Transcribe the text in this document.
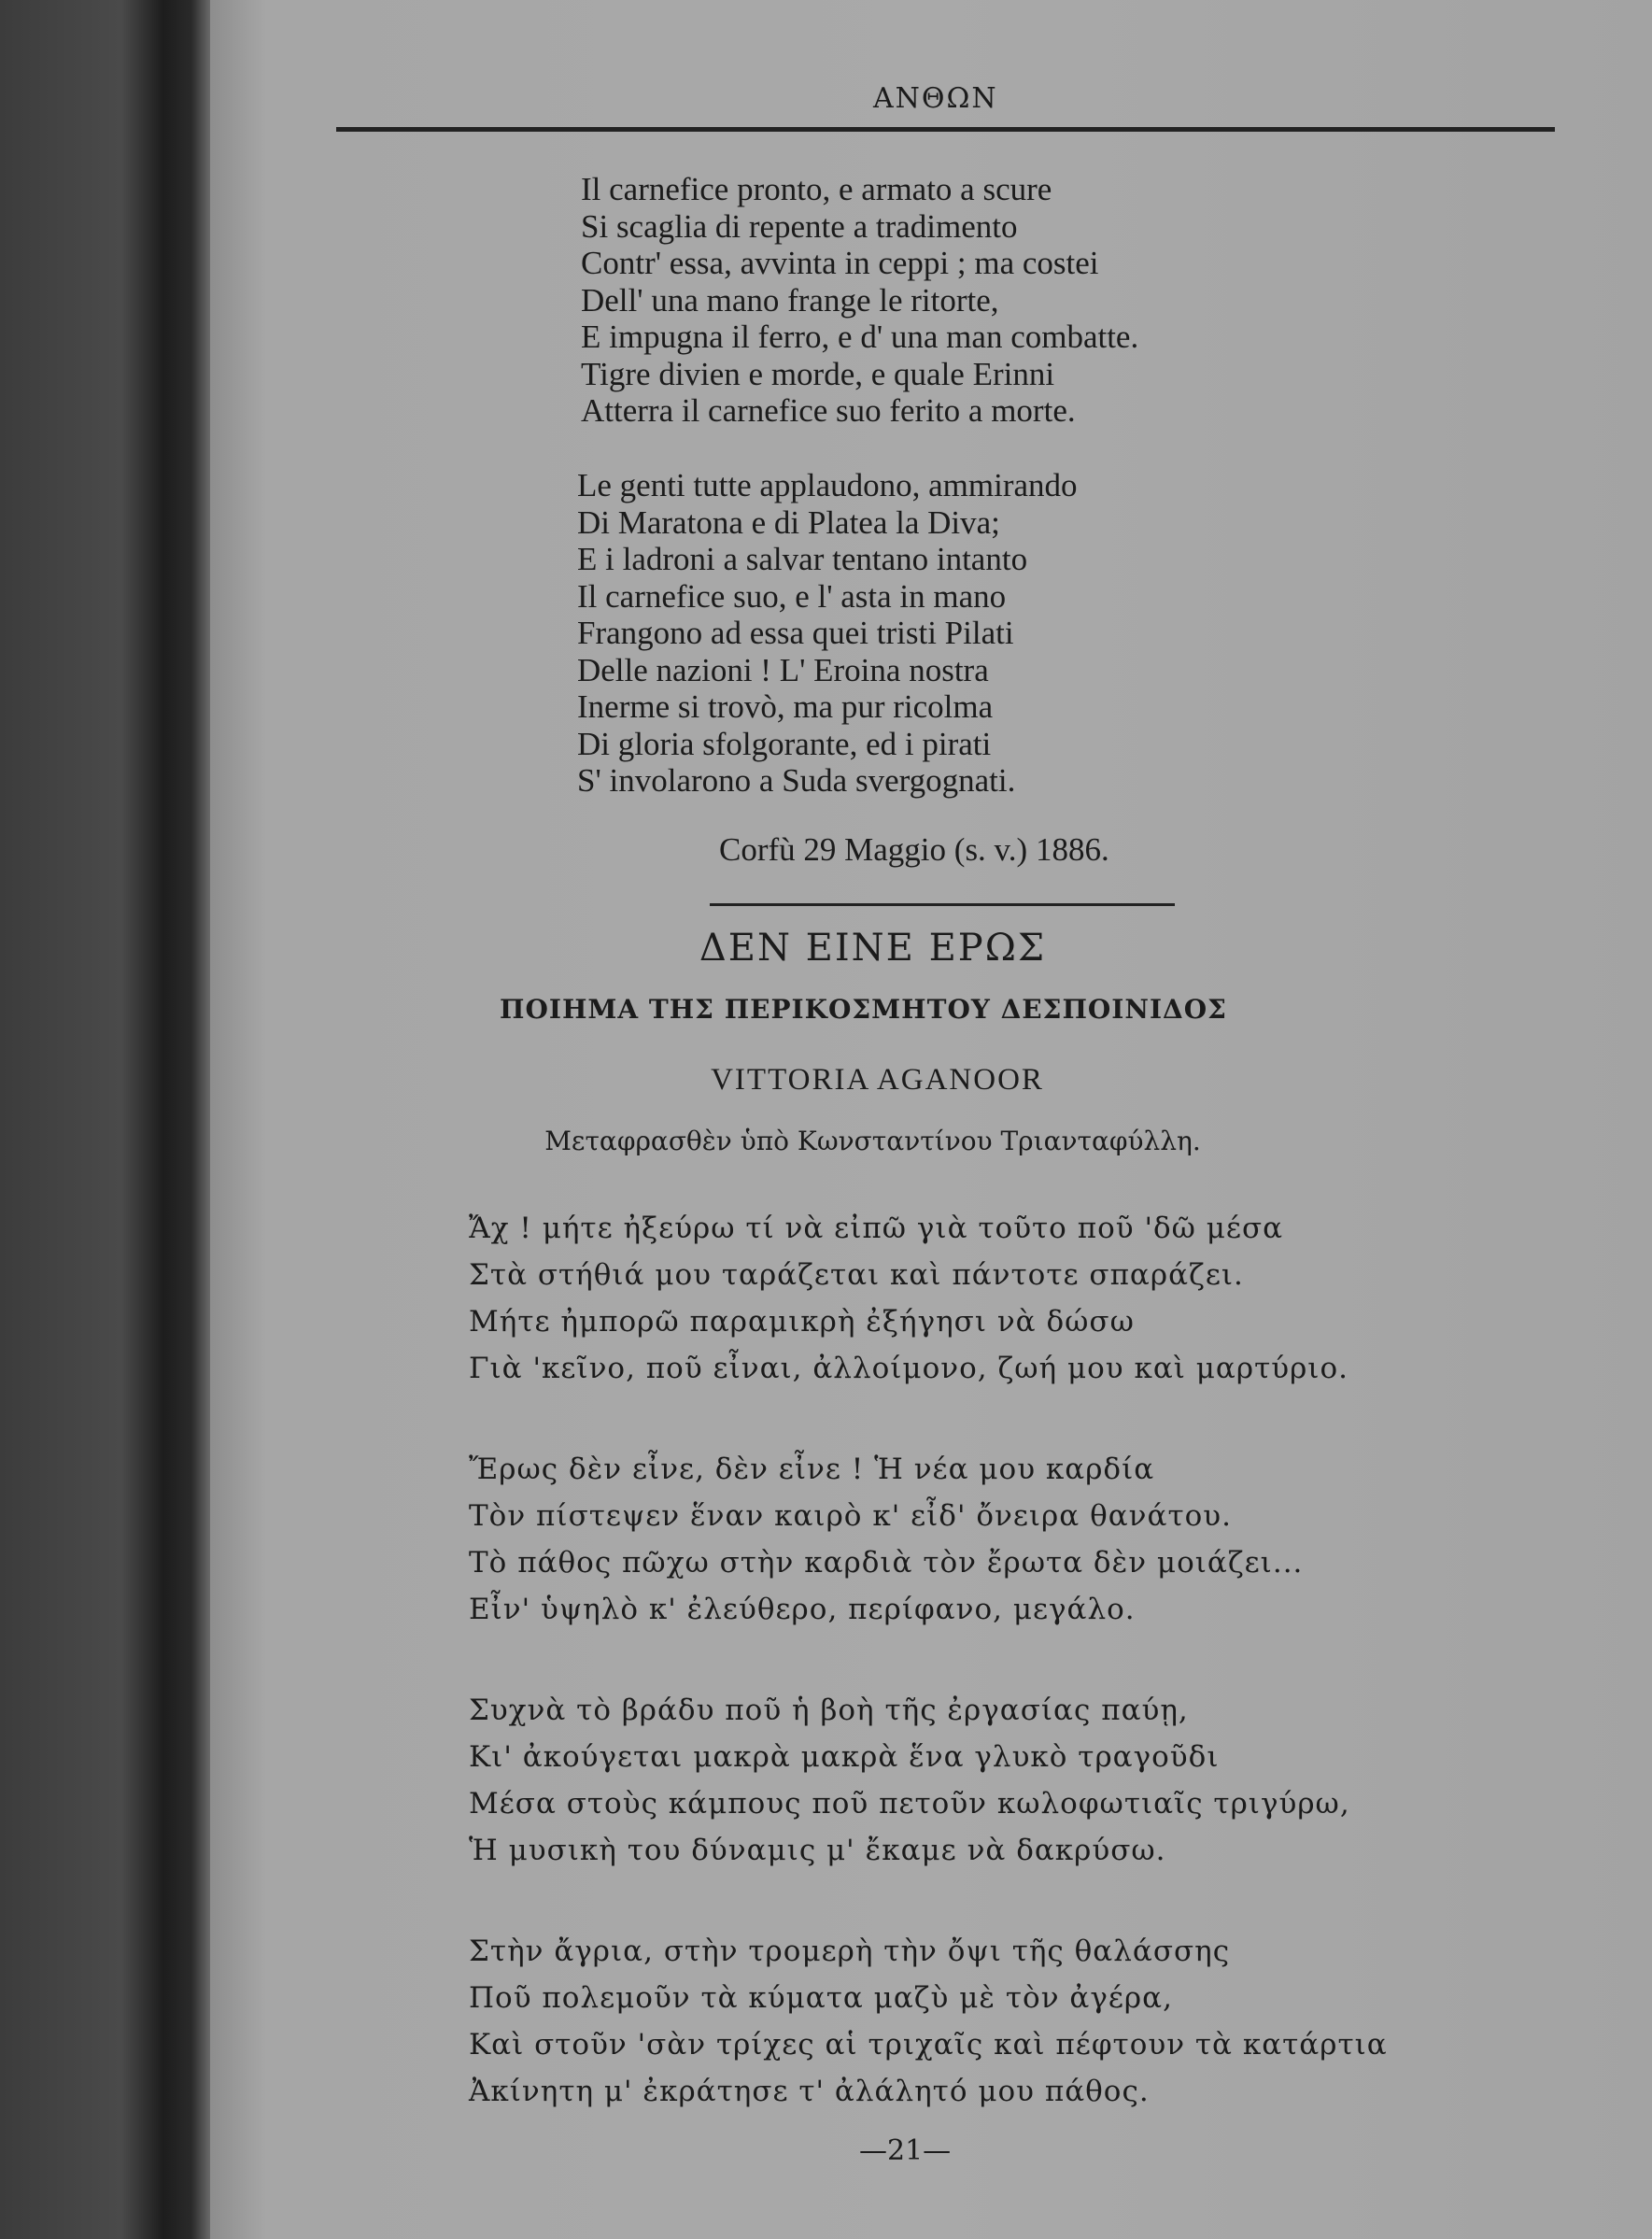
ΑΝΘΩΝ
Il carnefice pronto, e armato a scure
Si scaglia di repente a tradimento
Contr' essa, avvinta in ceppi ; ma costei
Dell' una mano frange le ritorte,
E impugna il ferro, e d' una man combatte.
Tigre divien e morde, e quale Erinni
Atterra il carnefice suo ferito a morte.
Le genti tutte applaudono, ammirando
Di Maratona e di Platea la Diva;
E i ladroni a salvar tentano intanto
Il carnefice suo, e l' asta in mano
Frangono ad essa quei tristi Pilati
Delle nazioni ! L' Eroina nostra
Inerme si trovò, ma pur ricolma
Di gloria sfolgorante, ed i pirati
S' involarono a Suda svergognati.
Corfù 29 Maggio (s. v.) 1886.
ΔΕΝ ΕΙΝΕ ΕΡΩΣ
ΠΟΙΗΜΑ ΤΗΣ ΠΕΡΙΚΟΣΜΗΤΟΥ ΔΕΣΠΟΙΝΙΔΟΣ
VITTORIA AGANOOR
Μεταφρασθὲν ὑπὸ Κωνσταντίνου Τριανταφύλλη.
Ἄχ ! μήτε ἠξεύρω τί νὰ εἰπῶ γιὰ τοῦτο ποῦ 'δῶ μέσα
Στὰ στήθιά μου ταράζεται καὶ πάντοτε σπαράζει.
Μήτε ἠμπορῶ παραμικρὴ ἐξήγησι νὰ δώσω
Γιὰ 'κεῖνο, ποῦ εἶναι, ἀλλοίμονο, ζωή μου καὶ μαρτύριο.
Ἔρως δὲν εἶνε, δὲν εἶνε ! Ἡ νέα μου καρδία
Τὸν πίστεψεν ἕναν καιρὸ κ' εἶδ' ὄνειρα θανάτου.
Τὸ πάθος πῶχω στὴν καρδιὰ τὸν ἔρωτα δὲν μοιάζει...
Εἶν' ὑψηλὸ κ' ἐλεύθερο, περίφανο, μεγάλο.
Συχνὰ τὸ βράδυ ποῦ ἡ βοὴ τῆς ἐργασίας παύῃ,
Κι' ἀκούγεται μακρὰ μακρὰ ἕνα γλυκὸ τραγοῦδι
Μέσα στοὺς κάμπους ποῦ πετοῦν κωλοφωτιαῖς τριγύρω,
Ἡ μυσικὴ του δύναμις μ' ἔκαμε νὰ δακρύσω.
Στὴν ἄγρια, στὴν τρομερὴ τὴν ὄψι τῆς θαλάσσης
Ποῦ πολεμοῦν τὰ κύματα μαζὺ μὲ τὸν ἀγέρα,
Καὶ στοῦν 'σὰν τρίχες αἱ τριχαῖς καὶ πέφτουν τὰ κατάρτια
Ἀκίνητη μ' ἐκράτησε τ' ἀλάλητό μου πάθος.
—21—
